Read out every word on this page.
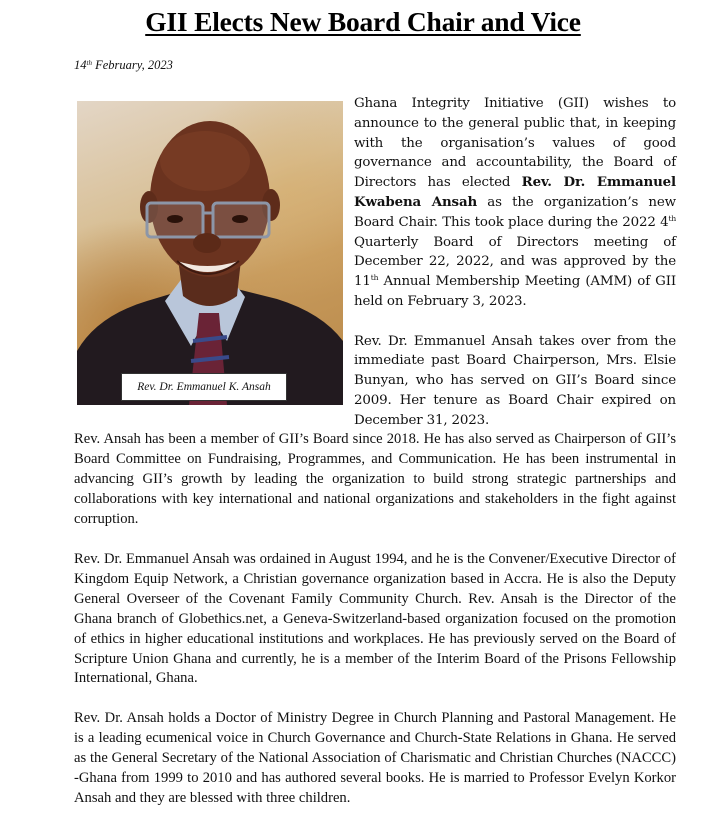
GII Elects New Board Chair and Vice
14th February, 2023
Rev. Dr. Emmanuel K. Ansah

Ghana Integrity Initiative (GII) wishes to announce to the general public that, in keeping with the organisation’s values of good governance and accountability, the Board of Directors has elected Rev. Dr. Emmanuel Kwabena Ansah as the organization’s new Board Chair. This took place during the 2022 4th Quarterly Board of Directors meeting of December 22, 2022, and was approved by the 11th Annual Membership Meeting (AMM) of GII held on February 3, 2023.

Rev. Dr. Emmanuel Ansah takes over from the immediate past Board Chairperson, Mrs. Elsie Bunyan, who has served on GII’s Board since 2009. Her tenure as Board Chair expired on December 31, 2023.

Rev. Ansah has been a member of GII’s Board since 2018. He has also served as Chairperson of GII’s Board Committee on Fundraising, Programmes, and Communication. He has been instrumental in advancing GII’s growth by leading the organization to build strong strategic partnerships and collaborations with key international and national organizations and stakeholders in the fight against corruption.

Rev. Dr. Emmanuel Ansah was ordained in August 1994, and he is the Convener/Executive Director of Kingdom Equip Network, a Christian governance organization based in Accra. He is also the Deputy General Overseer of the Covenant Family Community Church. Rev. Ansah is the Director of the Ghana branch of Globethics.net, a Geneva-Switzerland-based organization focused on the promotion of ethics in higher educational institutions and workplaces. He has previously served on the Board of Scripture Union Ghana and currently, he is a member of the Interim Board of the Prisons Fellowship International, Ghana.

Rev. Dr. Ansah holds a Doctor of Ministry Degree in Church Planning and Pastoral Management. He is a leading ecumenical voice in Church Governance and Church-State Relations in Ghana. He served as the General Secretary of the National Association of Charismatic and Christian Churches (NACCC) -Ghana from 1999 to 2010 and has authored several books. He is married to Professor Evelyn Korkor Ansah and they are blessed with three children.
